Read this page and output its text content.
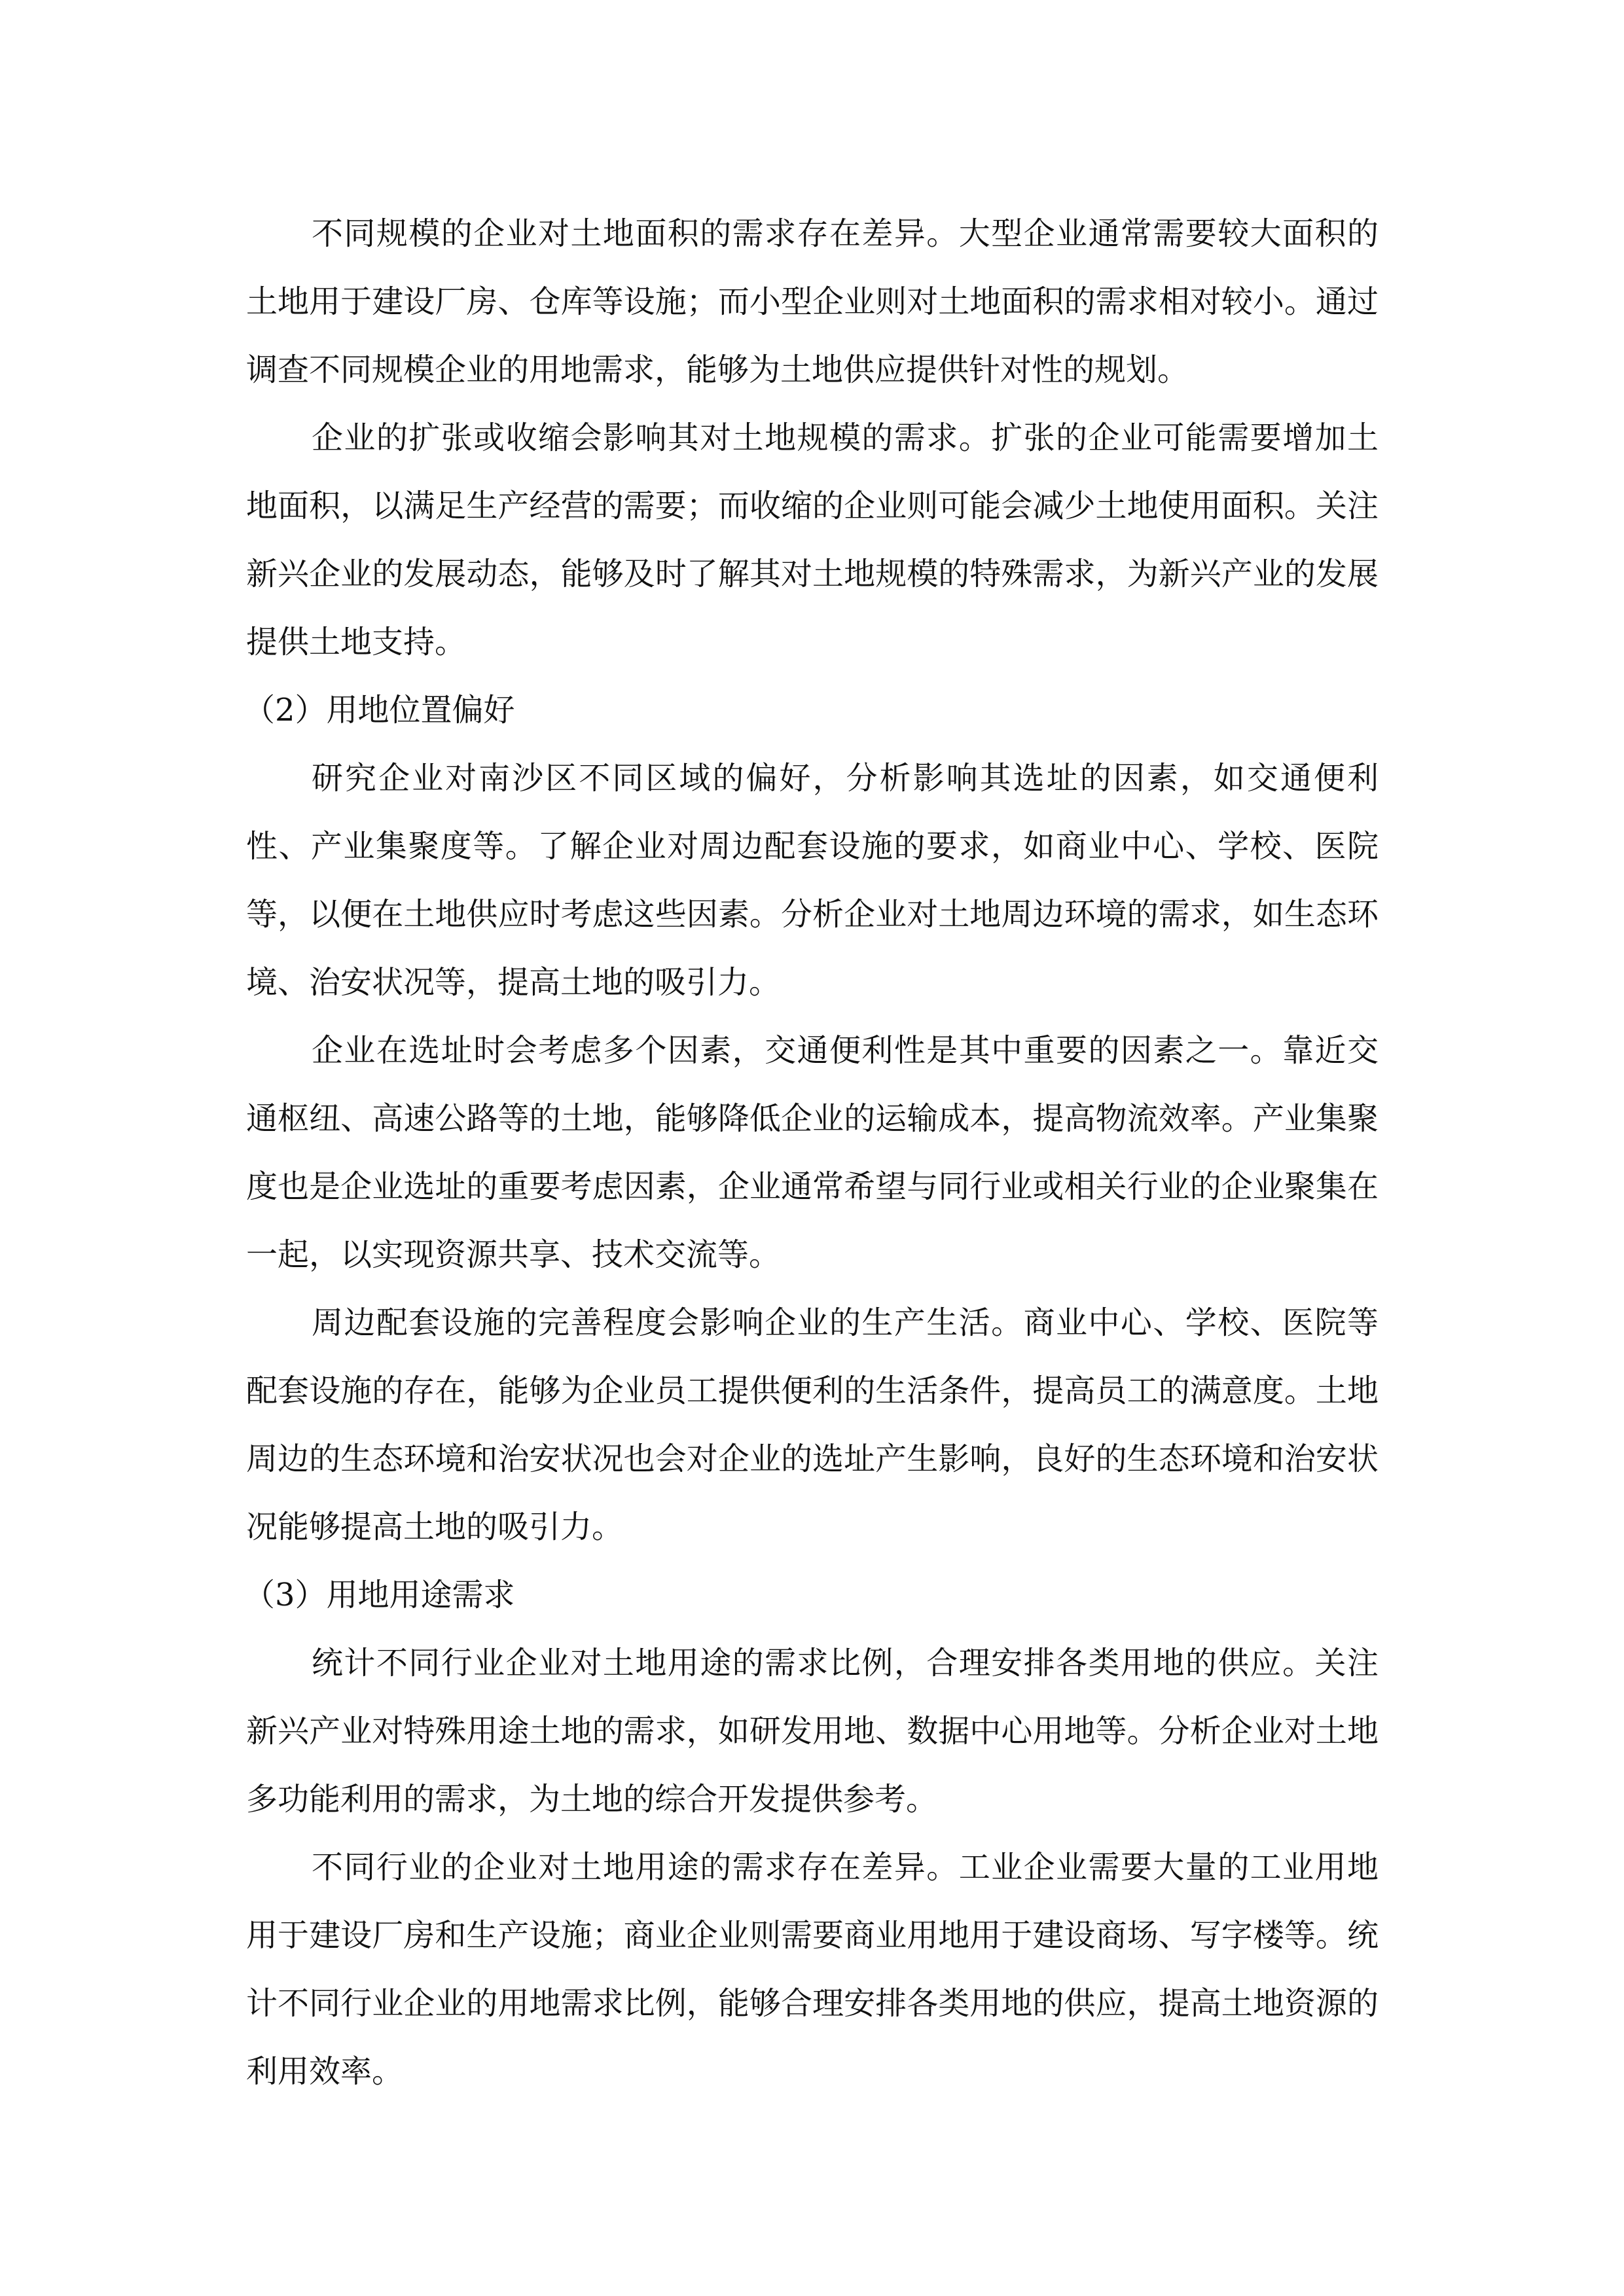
不同规模的企业对土地面积的需求存在差异。大型企业通常需要较大面积的土地用于建设厂房、仓库等设施；而小型企业则对土地面积的需求相对较小。通过调查不同规模企业的用地需求，能够为土地供应提供针对性的规划。

企业的扩张或收缩会影响其对土地规模的需求。扩张的企业可能需要增加土地面积，以满足生产经营的需要；而收缩的企业则可能会减少土地使用面积。关注新兴企业的发展动态，能够及时了解其对土地规模的特殊需求，为新兴产业的发展提供土地支持。

（2）用地位置偏好

研究企业对南沙区不同区域的偏好，分析影响其选址的因素，如交通便利性、产业集聚度等。了解企业对周边配套设施的要求，如商业中心、学校、医院等，以便在土地供应时考虑这些因素。分析企业对土地周边环境的需求，如生态环境、治安状况等，提高土地的吸引力。

企业在选址时会考虑多个因素，交通便利性是其中重要的因素之一。靠近交通枢纽、高速公路等的土地，能够降低企业的运输成本，提高物流效率。产业集聚度也是企业选址的重要考虑因素，企业通常希望与同行业或相关行业的企业聚集在一起，以实现资源共享、技术交流等。

周边配套设施的完善程度会影响企业的生产生活。商业中心、学校、医院等配套设施的存在，能够为企业员工提供便利的生活条件，提高员工的满意度。土地周边的生态环境和治安状况也会对企业的选址产生影响，良好的生态环境和治安状况能够提高土地的吸引力。

（3）用地用途需求

统计不同行业企业对土地用途的需求比例，合理安排各类用地的供应。关注新兴产业对特殊用途土地的需求，如研发用地、数据中心用地等。分析企业对土地多功能利用的需求，为土地的综合开发提供参考。

不同行业的企业对土地用途的需求存在差异。工业企业需要大量的工业用地用于建设厂房和生产设施；商业企业则需要商业用地用于建设商场、写字楼等。统计不同行业企业的用地需求比例，能够合理安排各类用地的供应，提高土地资源的利用效率。
